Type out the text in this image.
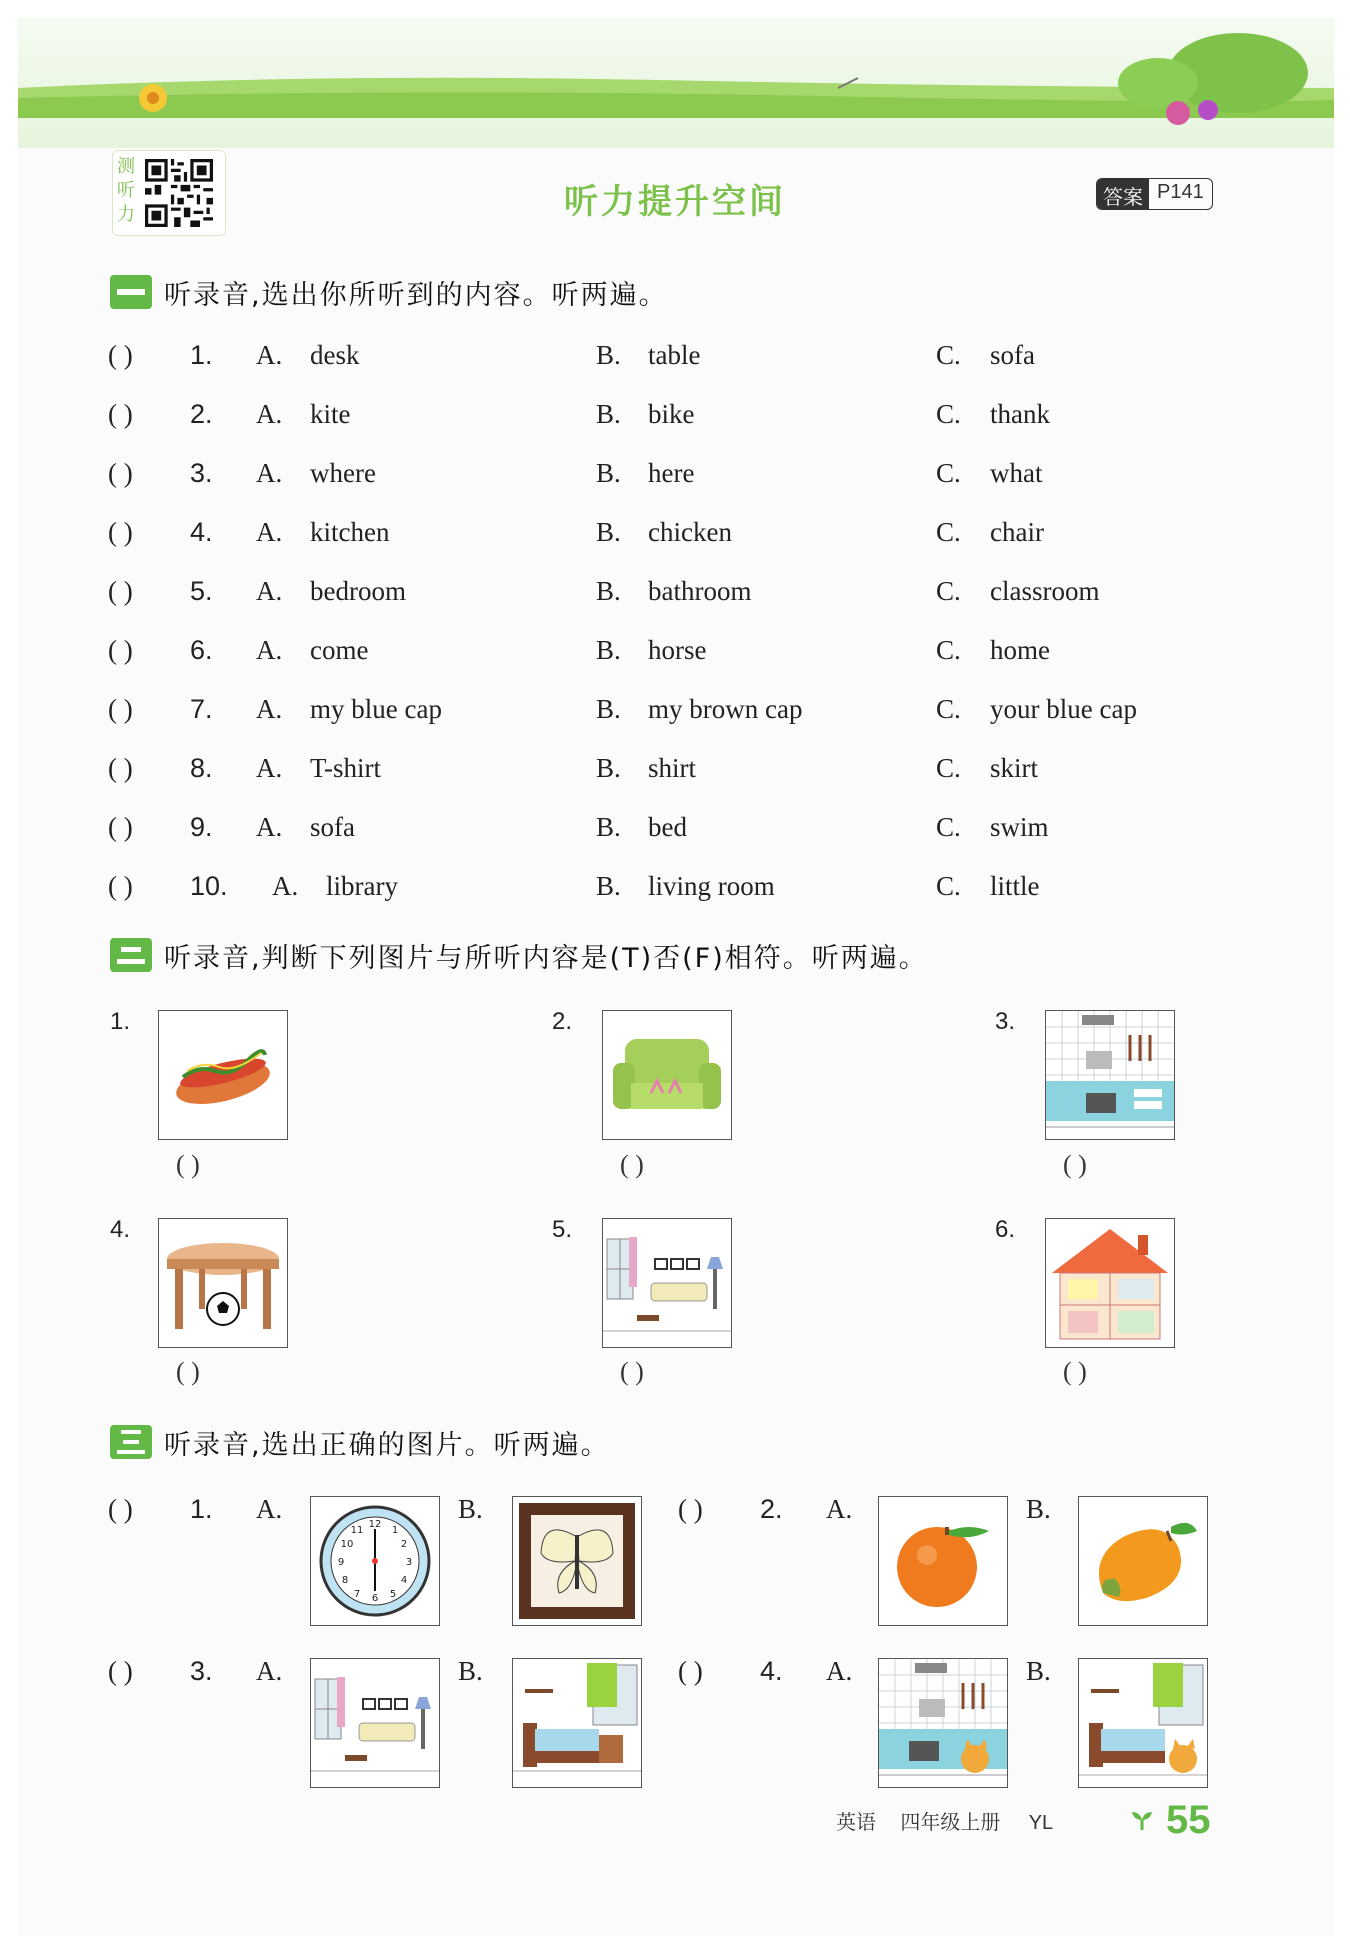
测听力	听力提升空间	答案 P141
听录音,选出你所听到的内容。听两遍。
( ) 1. A. desk	B. table	C. sofa
( ) 2. A. kite	B. bike	C. thank
( ) 3. A. where	B. here	C. what
( ) 4. A. kitchen	B. chicken	C. chair
( ) 5. A. bedroom	B. bathroom	C. classroom
( ) 6. A. come	B. horse	C. home
( ) 7. A. my blue cap	B. my brown cap	C. your blue cap
( ) 8. A. T-shirt	B. shirt	C. skirt
( ) 9. A. sofa	B. bed	C. swim
( ) 10. A. library	B. living room	C. little
听录音,判断下列图片与所听内容是(T)否(F)相符。听两遍。
1.
( )
2.
( )
3.
( )
4.
( )
5.
( )
6.
( )
听录音,选出正确的图片。听两遍。
( ) 1. A.	B.
12
3
6
9
1
2
4
5
7
8
10
11
( ) 2. A.	B.
( ) 3. A.	B.	( ) 4. A.	B.
英语 四年级上册 YL	55
